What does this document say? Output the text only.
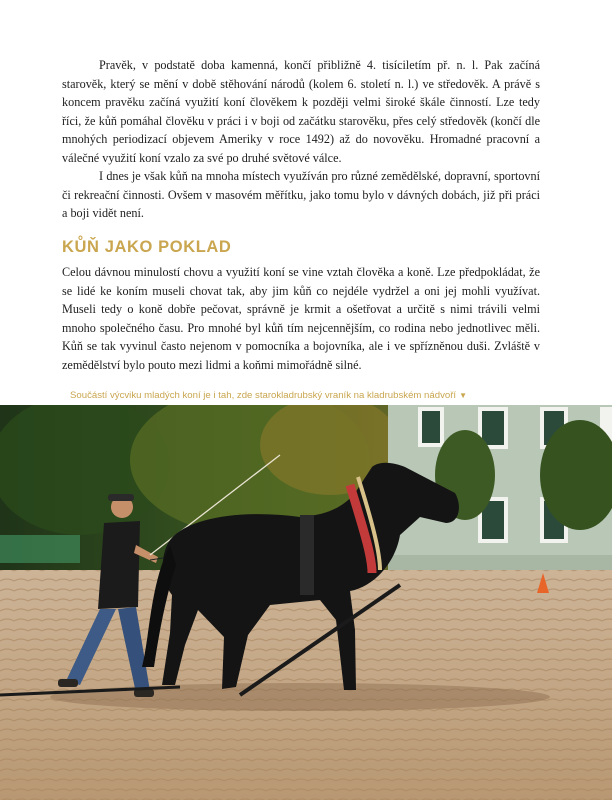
Pravěk, v podstatě doba kamenná, končí přibližně 4. tisíciletím př. n. l. Pak začíná starověk, který se mění v době stěhování národů (kolem 6. století n. l.) ve středověk. A právě s koncem pravěku začíná využití koní člověkem k později velmi široké škále činností. Lze tedy říci, že kůň pomáhal člověku v práci i v boji od začátku starověku, přes celý středověk (končí dle mnohých periodizací objevem Ameriky v roce 1492) až do novověku. Hromadné pracovní a válečné využití koní vzalo za své po druhé světové válce.

I dnes je však kůň na mnoha místech využíván pro různé zemědělské, dopravní, sportovní či rekreační činnosti. Ovšem v masovém měřítku, jako tomu bylo v dávných dobách, již při práci a boji vidět není.

KŮŇ JAKO POKLAD

Celou dávnou minulostí chovu a využití koní se vine vztah člověka a koně. Lze předpokládat, že se lidé ke koním museli chovat tak, aby jim kůň co nejdéle vydržel a oni jej mohli využívat. Museli tedy o koně dobře pečovat, správně je krmit a ošetřovat a určitě s nimi trávili velmi mnoho společného času. Pro mnohé byl kůň tím nejcennějším, co rodina nebo jednotlivec měli. Kůň se tak vyvinul často nejenom v pomocníka a bojovníka, ale i ve spřízněnou duši. Zvláště v zemědělství bylo pouto mezi lidmi a koňmi mimořádně silné.

Součástí výcviku mladých koní je i tah, zde starokladrubský vraník na kladrubském nádvoří ▼
